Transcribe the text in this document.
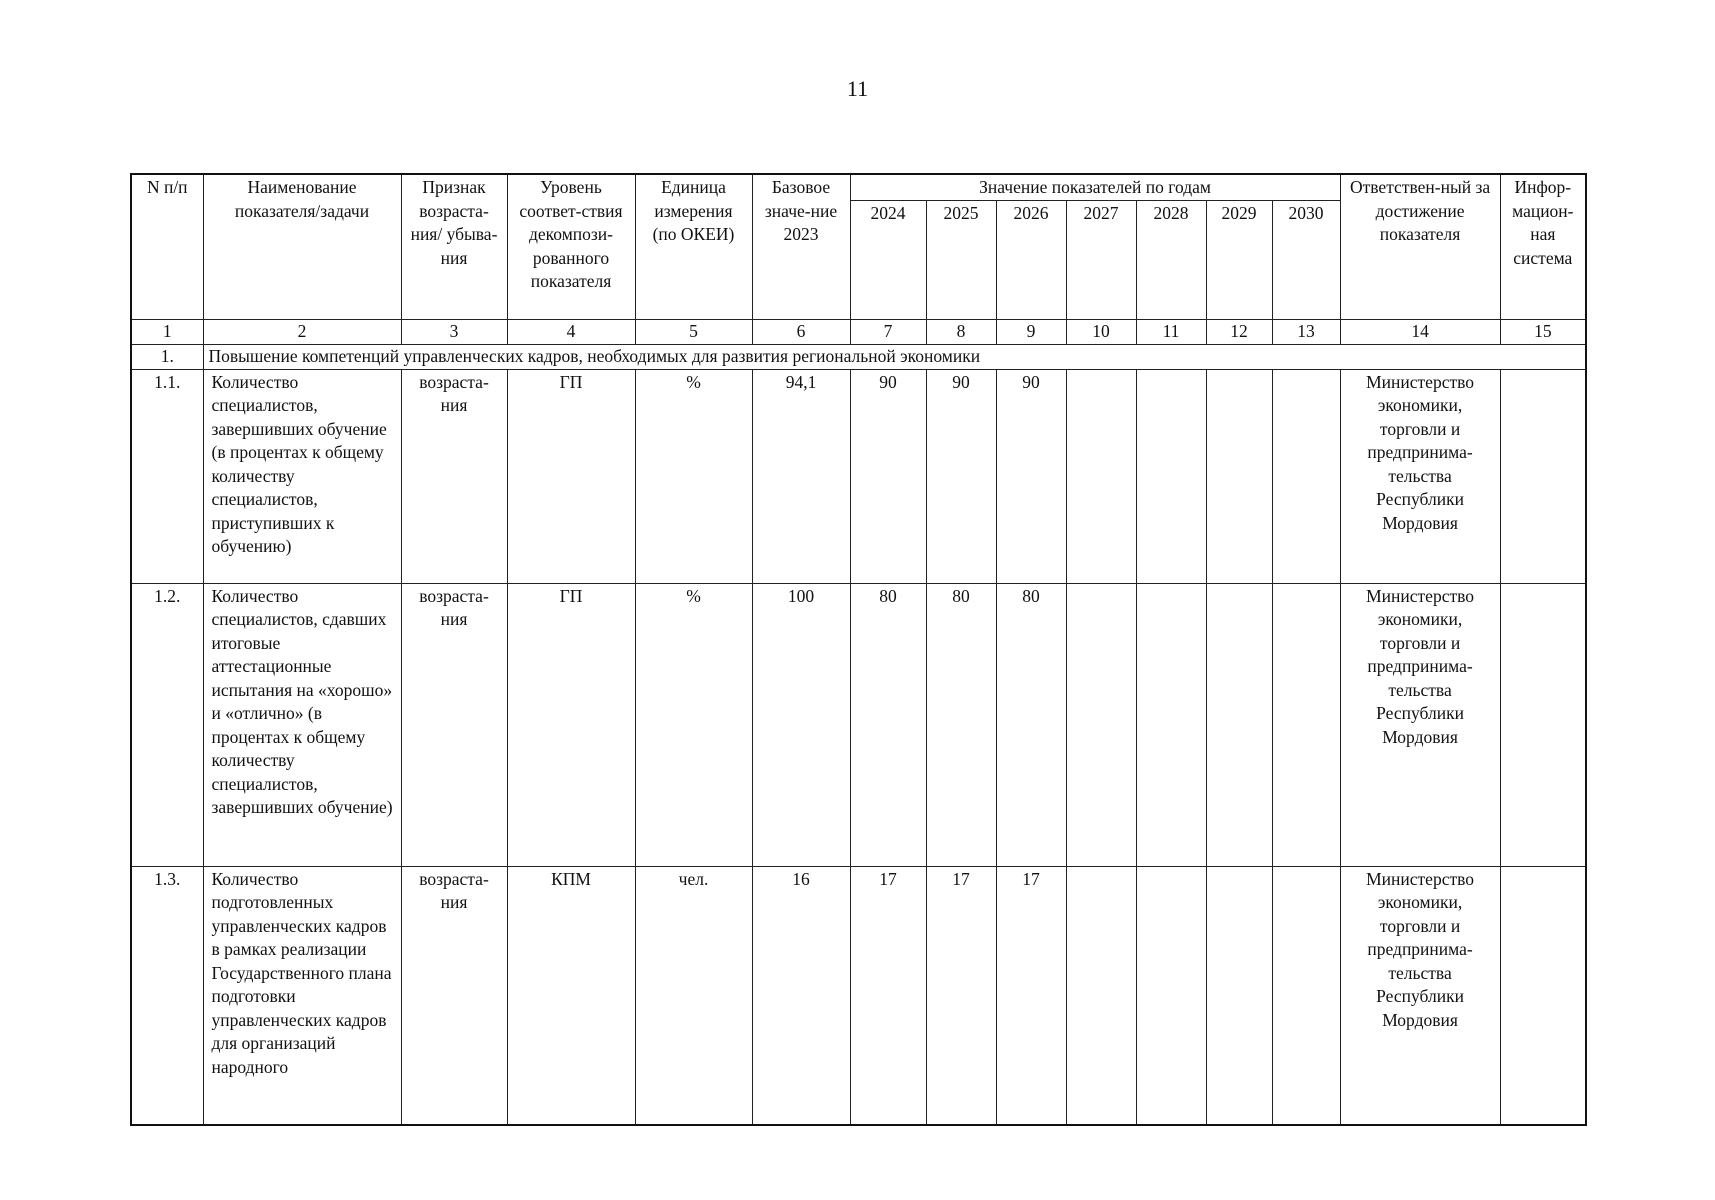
11
N п/п	Наименование показателя/задачи	Признак возраста-ния/ убыва-ния	Уровень соответ-ствия декомпози-рованного показателя	Единица измерения (по ОКЕИ)	Базовое значе-ние 2023	Значение показателей по годам							Ответствен-ный за достижение показателя	Инфор-мацион-ная система
						2024	2025	2026	2027	2028	2029	2030		
1	2	3	4	5	6	7	8	9	10	11	12	13	14	15
1.	Повышение компетенций управленческих кадров, необходимых для развития региональной экономики													
1.1.	Количество специалистов, завершивших обучение (в процентах к общему количеству специалистов, приступивших к обучению)	возраста-ния	ГП	%	94,1	90	90	90					Министерство экономики, торговли и предпринима-тельства Республики Мордовия	
1.2.	Количество специалистов, сдавших итоговые аттестационные испытания на «хорошо» и «отлично» (в процентах к общему количеству специалистов, завершивших обучение)	возраста-ния	ГП	%	100	80	80	80					Министерство экономики, торговли и предпринима-тельства Республики Мордовия	
1.3.	Количество подготовленных управленческих кадров в рамках реализации Государственного плана подготовки управленческих кадров для организаций народного	возраста-ния	КПМ	чел.	16	17	17	17					Министерство экономики, торговли и предпринима-тельства Республики Мордовия	
